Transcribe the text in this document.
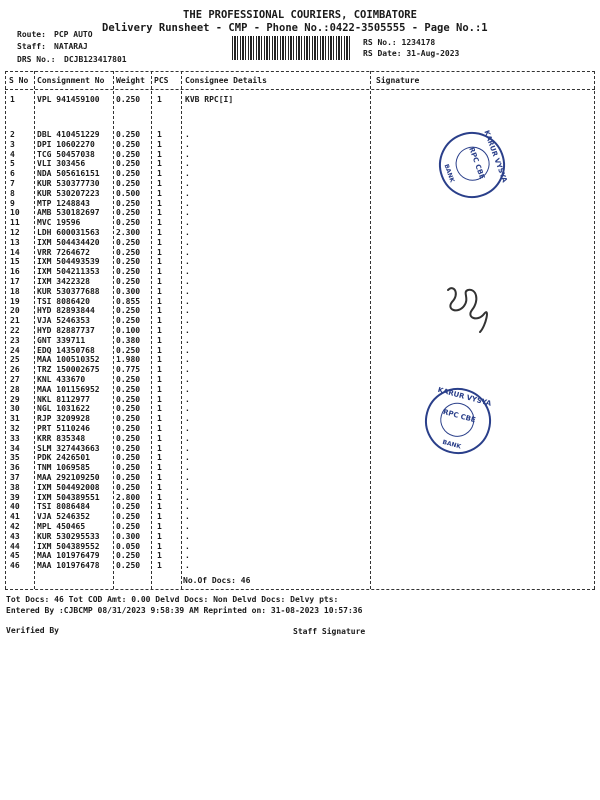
THE PROFESSIONAL COURIERS, COIMBATORE
Delivery Runsheet - CMP - Phone No.:0422-3505555 - Page No.:1
Route: PCP AUTO
Staff: NATARAJ
DRS No.: DCJB123417801
RS No.: 1234178
RS Date: 31-Aug-2023
S No Consignment No Weight PCS Consignee Details	Signature
1	VPL 941459100 0.250 1	KVB RPC[I]
2	DBL 410451229 0.250 1	.
3	DPI 10602270	0.250 1	.
4	TCG 50457038	0.250 1	.
5	VLI 303456	0.250 1	.
6	NDA 505616151 0.250 1	.
7	KUR 530377730 0.250 1	.
8	KUR 530207223 0.500 1	.
9	MTP 1248843	0.250 1	.
10 AMB 530182697 0.250 1	.
11 MVC 19596	0.250 1	.
12 LDH 600031563 2.300 1	.
13 IXM 504434420 0.250 1	.
14 VRR 7264672	0.250 1	.
15 IXM 504493539 0.250 1	.
16 IXM 504211353 0.250 1	.
17 IXM 3422328	0.250 1	.
18 KUR 530377688 0.300 1	.
19 TSI 8086420	0.855 1	.
20 HYD 82893844	0.250 1	.
21 VJA 5246353	0.250 1	.
22 HYD 82887737	0.100 1	.
23 GNT 339711	0.380 1	.
24 EDQ 14350768	0.250 1	.
25 MAA 100510352 1.980 1	.
26 TRZ 150002675 0.775 1	.
27 KNL 433670	0.250 1	.
28 MAA 101156952 0.250 1	.
29 NKL 8112977	0.250 1	.
30 NGL 1031622	0.250 1	.
31 RJP 3209928	0.250 1	.
32 PRT 5110246	0.250 1	.
33 KRR 835348	0.250 1	.
34 SLM 327443663 0.250 1	.
35 PDK 2426501	0.250 1	.
36 TNM 1069585	0.250 1	.
37 MAA 292109250 0.250 1	.
38 IXM 504492008 0.250 1	.
39 IXM 504389551 2.800 1	.
40 TSI 8086484	0.250 1	.
41 VJA 5246352	0.250 1	.
42 MPL 450465	0.250 1	.
43 KUR 530295533 0.300 1	.
44 IXM 504389552 0.050 1	.
45 MAA 101976479 0.250 1	.
46 MAA 101976478 0.250 1	.
No.Of Docs: 46
Tot Docs: 46 Tot COD Amt: 0.00 Delvd Docs: Non Delvd Docs: Delvy pts:
Entered By :CJBCMP 08/31/2023 9:58:39 AM Reprinted on: 31-08-2023 10:57:36
Verified By	Staff Signature
KARUR VYSYA
RPC CBE
BANK
KARUR VYSYA
RPC CBE
BANK
